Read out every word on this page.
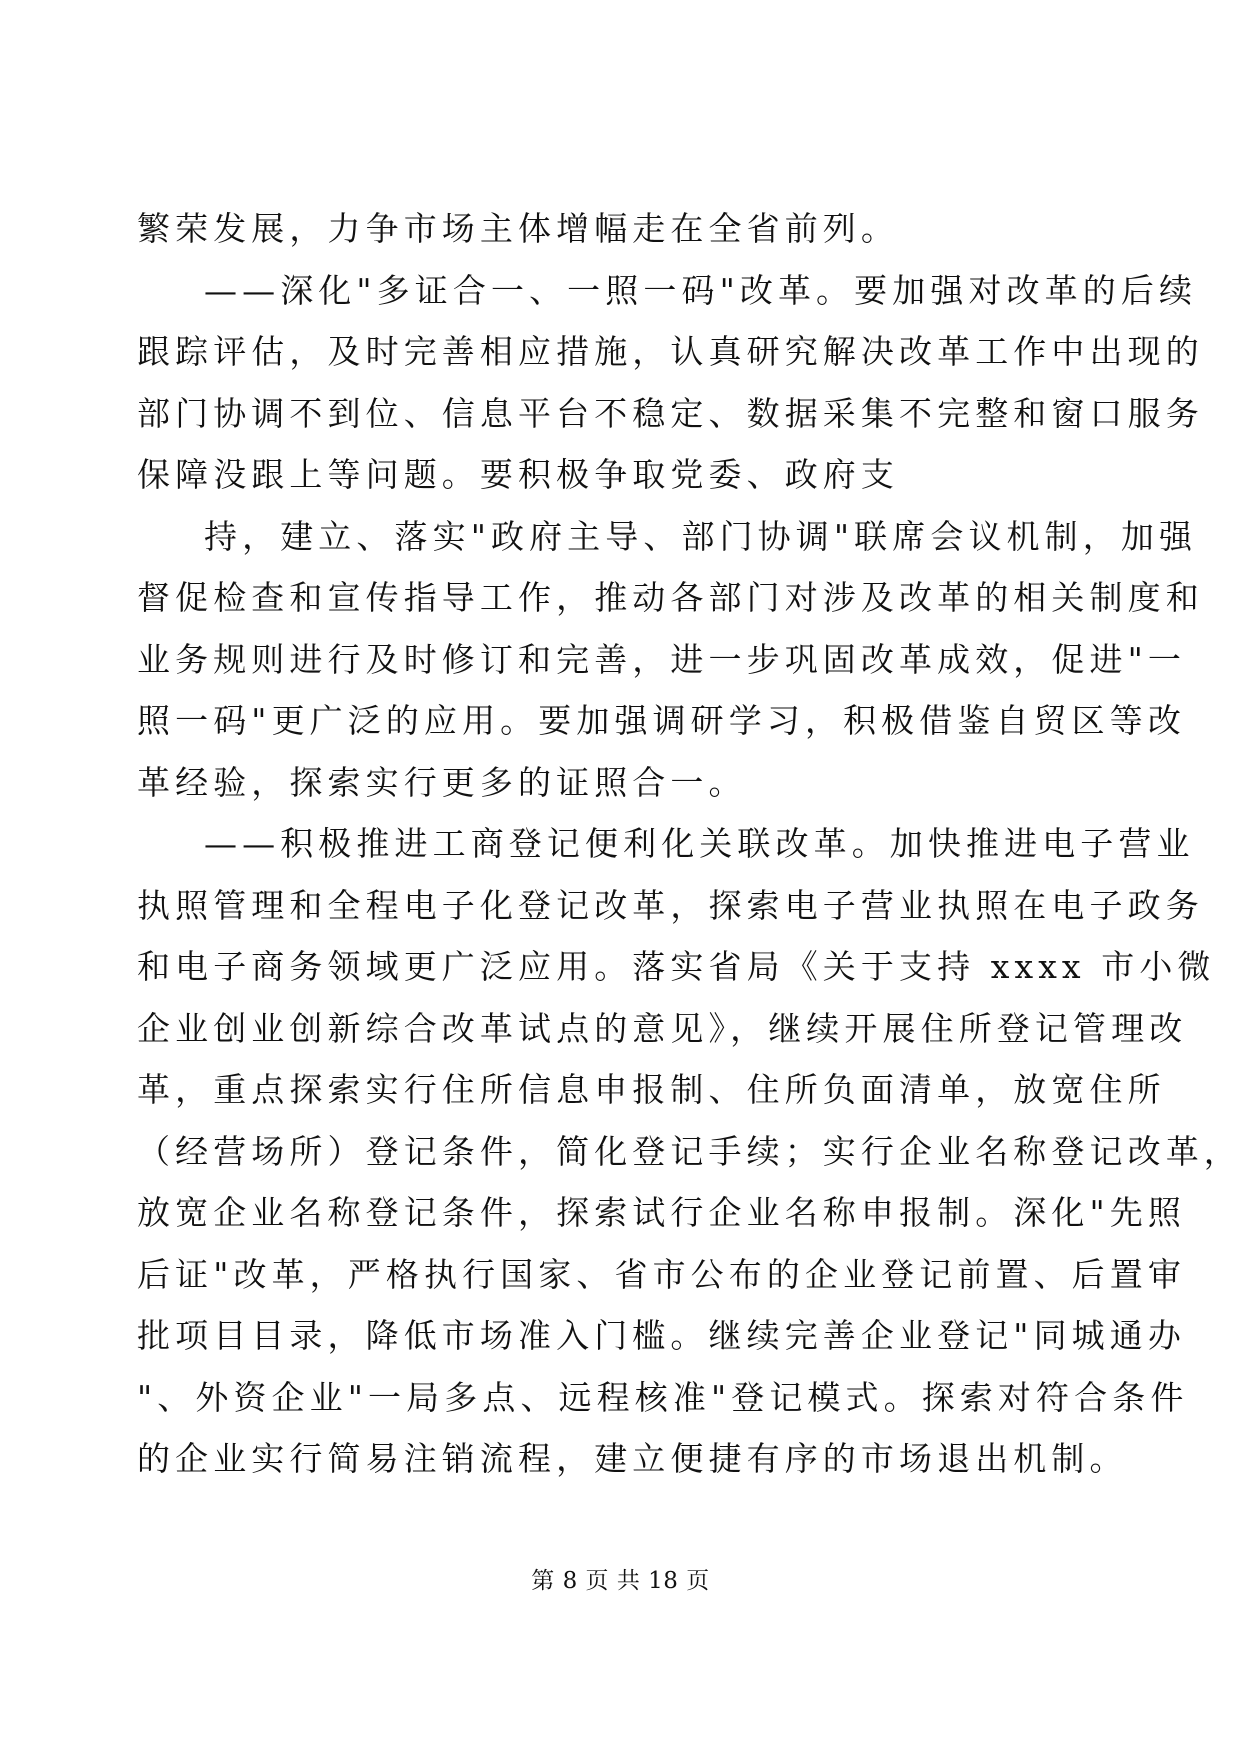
繁荣发展，力争市场主体增幅走在全省前列。
——深化"多证合一、一照一码"改革。要加强对改革的后续
跟踪评估，及时完善相应措施，认真研究解决改革工作中出现的
部门协调不到位、信息平台不稳定、数据采集不完整和窗口服务
保障没跟上等问题。要积极争取党委、政府支
持，建立、落实"政府主导、部门协调"联席会议机制，加强
督促检查和宣传指导工作，推动各部门对涉及改革的相关制度和
业务规则进行及时修订和完善，进一步巩固改革成效，促进"一
照一码"更广泛的应用。要加强调研学习，积极借鉴自贸区等改
革经验，探索实行更多的证照合一。
——积极推进工商登记便利化关联改革。加快推进电子营业
执照管理和全程电子化登记改革，探索电子营业执照在电子政务
和电子商务领域更广泛应用。落实省局《关于支持 xxxx 市小微
企业创业创新综合改革试点的意见》，继续开展住所登记管理改
革，重点探索实行住所信息申报制、住所负面清单，放宽住所
（经营场所）登记条件，简化登记手续；实行企业名称登记改革，
放宽企业名称登记条件，探索试行企业名称申报制。深化"先照
后证"改革，严格执行国家、省市公布的企业登记前置、后置审
批项目目录，降低市场准入门槛。继续完善企业登记"同城通办
"、外资企业"一局多点、远程核准"登记模式。探索对符合条件
的企业实行简易注销流程，建立便捷有序的市场退出机制。
第 8 页 共 18 页
